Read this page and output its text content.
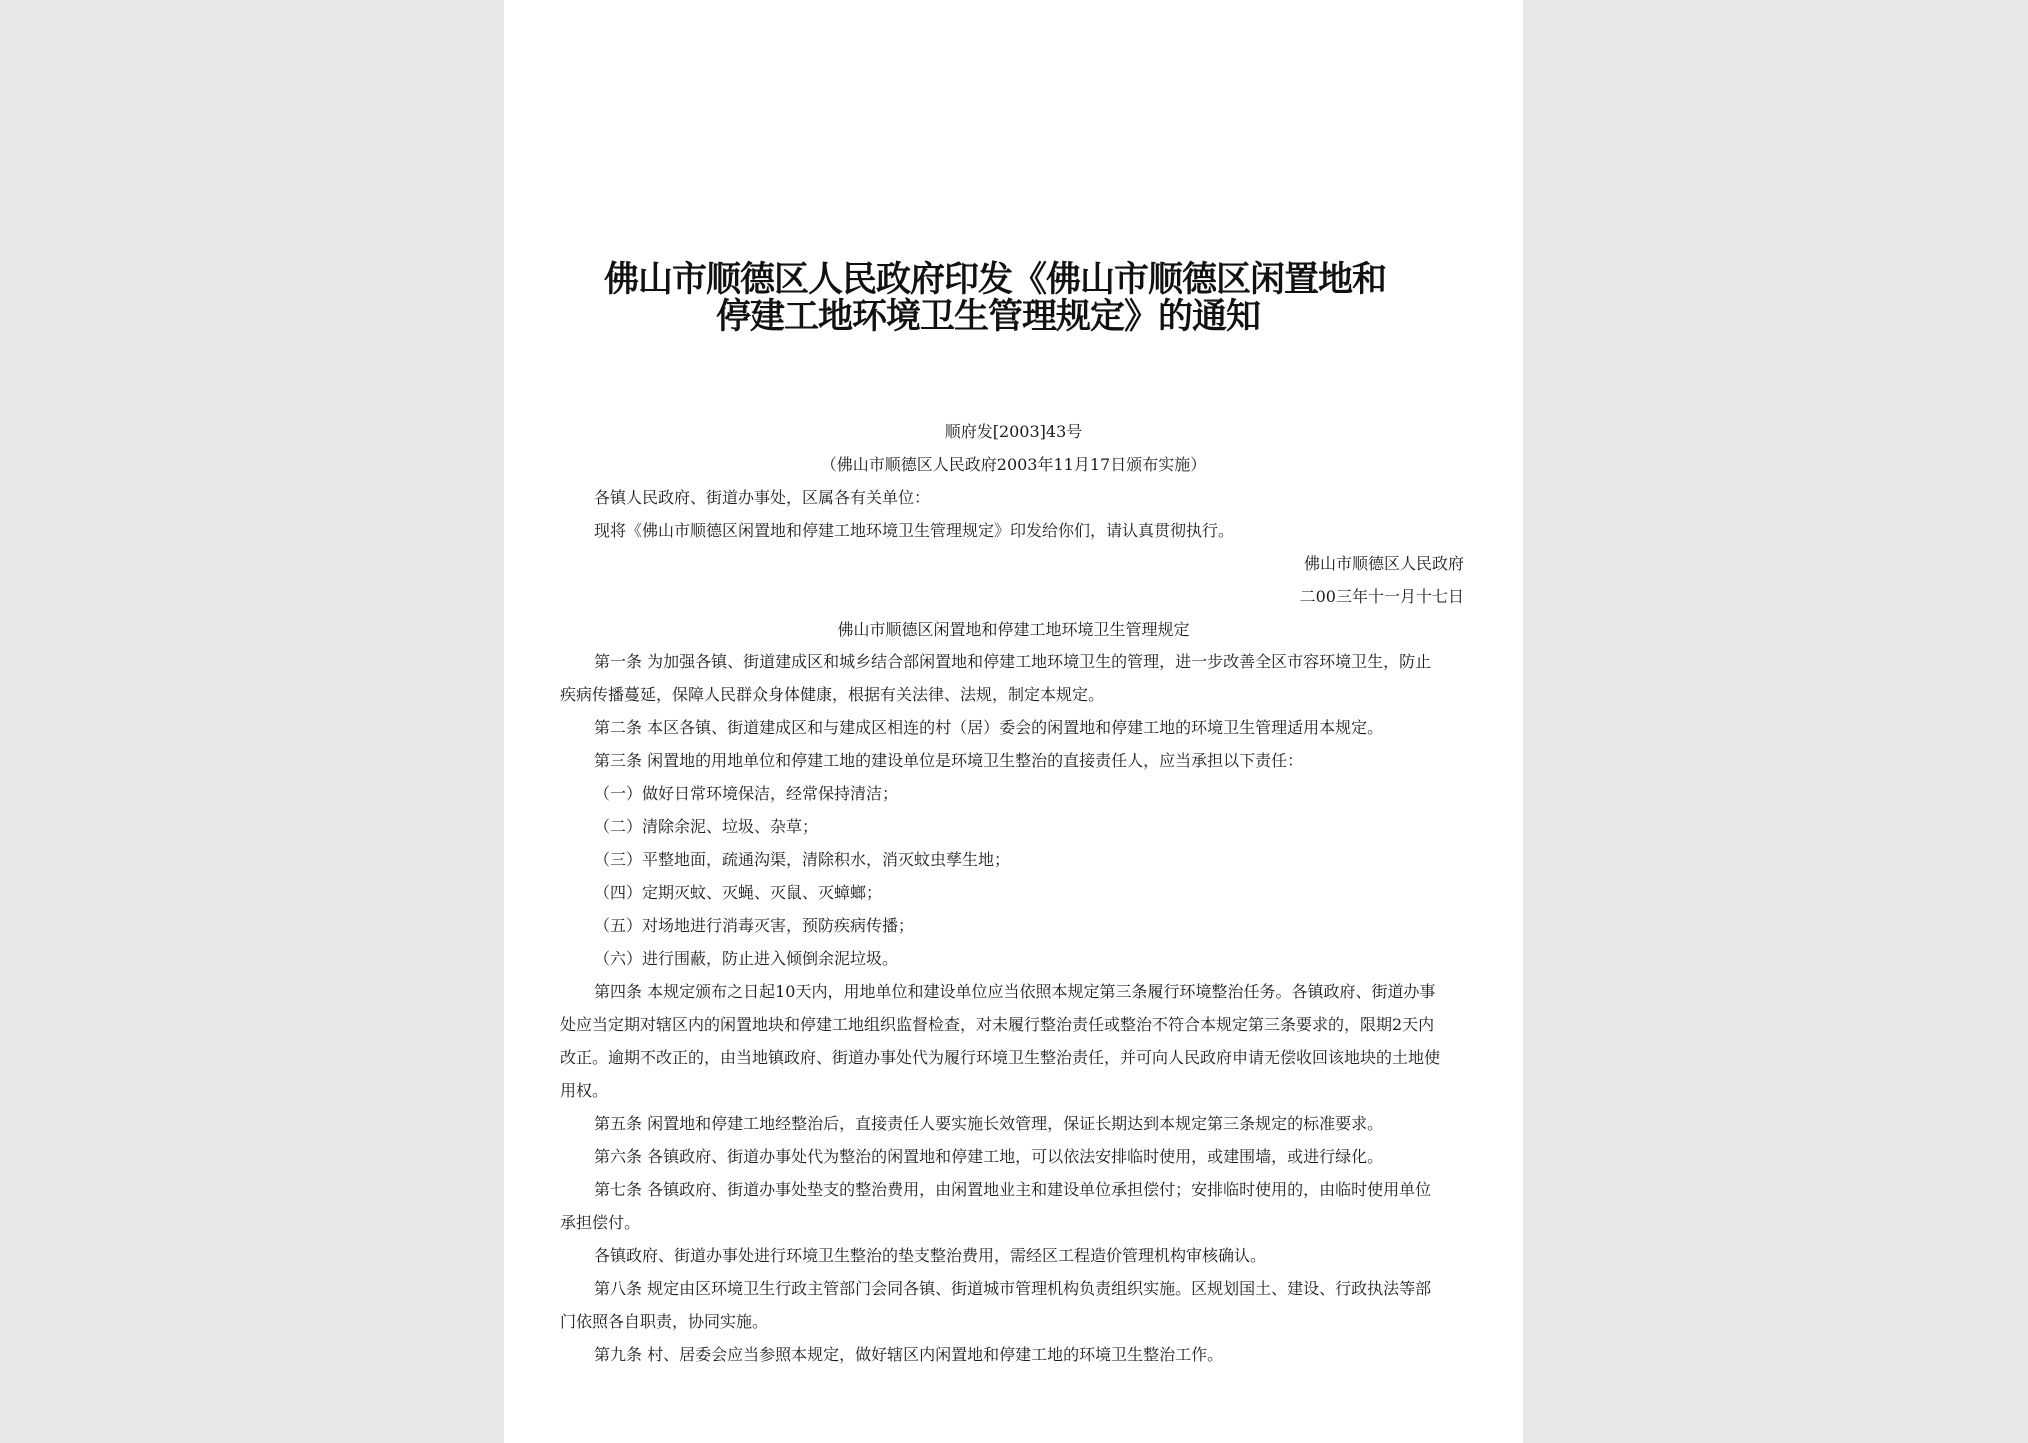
佛山市顺德区人民政府印发《佛山市顺德区闲置地和
停建工地环境卫生管理规定》的通知
顺府发[2003]43号
（佛山市顺德区人民政府2003年11月17日颁布实施）
各镇人民政府、街道办事处，区属各有关单位：
现将《佛山市顺德区闲置地和停建工地环境卫生管理规定》印发给你们，请认真贯彻执行。
佛山市顺德区人民政府
二00三年十一月十七日
佛山市顺德区闲置地和停建工地环境卫生管理规定
第一条 为加强各镇、街道建成区和城乡结合部闲置地和停建工地环境卫生的管理，进一步改善全区市容环境卫生，防止
疾病传播蔓延，保障人民群众身体健康，根据有关法律、法规，制定本规定。
第二条 本区各镇、街道建成区和与建成区相连的村（居）委会的闲置地和停建工地的环境卫生管理适用本规定。
第三条 闲置地的用地单位和停建工地的建设单位是环境卫生整治的直接责任人，应当承担以下责任：
（一）做好日常环境保洁，经常保持清洁；
（二）清除余泥、垃圾、杂草；
（三）平整地面，疏通沟渠，清除积水，消灭蚊虫孳生地；
（四）定期灭蚊、灭蝇、灭鼠、灭蟑螂；
（五）对场地进行消毒灭害，预防疾病传播；
（六）进行围蔽，防止进入倾倒余泥垃圾。
第四条 本规定颁布之日起10天内，用地单位和建设单位应当依照本规定第三条履行环境整治任务。各镇政府、街道办事
处应当定期对辖区内的闲置地块和停建工地组织监督检查，对未履行整治责任或整治不符合本规定第三条要求的，限期2天内
改正。逾期不改正的，由当地镇政府、街道办事处代为履行环境卫生整治责任，并可向人民政府申请无偿收回该地块的土地使
用权。
第五条 闲置地和停建工地经整治后，直接责任人要实施长效管理，保证长期达到本规定第三条规定的标准要求。
第六条 各镇政府、街道办事处代为整治的闲置地和停建工地，可以依法安排临时使用，或建围墙，或进行绿化。
第七条 各镇政府、街道办事处垫支的整治费用，由闲置地业主和建设单位承担偿付；安排临时使用的，由临时使用单位
承担偿付。
各镇政府、街道办事处进行环境卫生整治的垫支整治费用，需经区工程造价管理机构审核确认。
第八条 规定由区环境卫生行政主管部门会同各镇、街道城市管理机构负责组织实施。区规划国土、建设、行政执法等部
门依照各自职责，协同实施。
第九条 村、居委会应当参照本规定，做好辖区内闲置地和停建工地的环境卫生整治工作。
